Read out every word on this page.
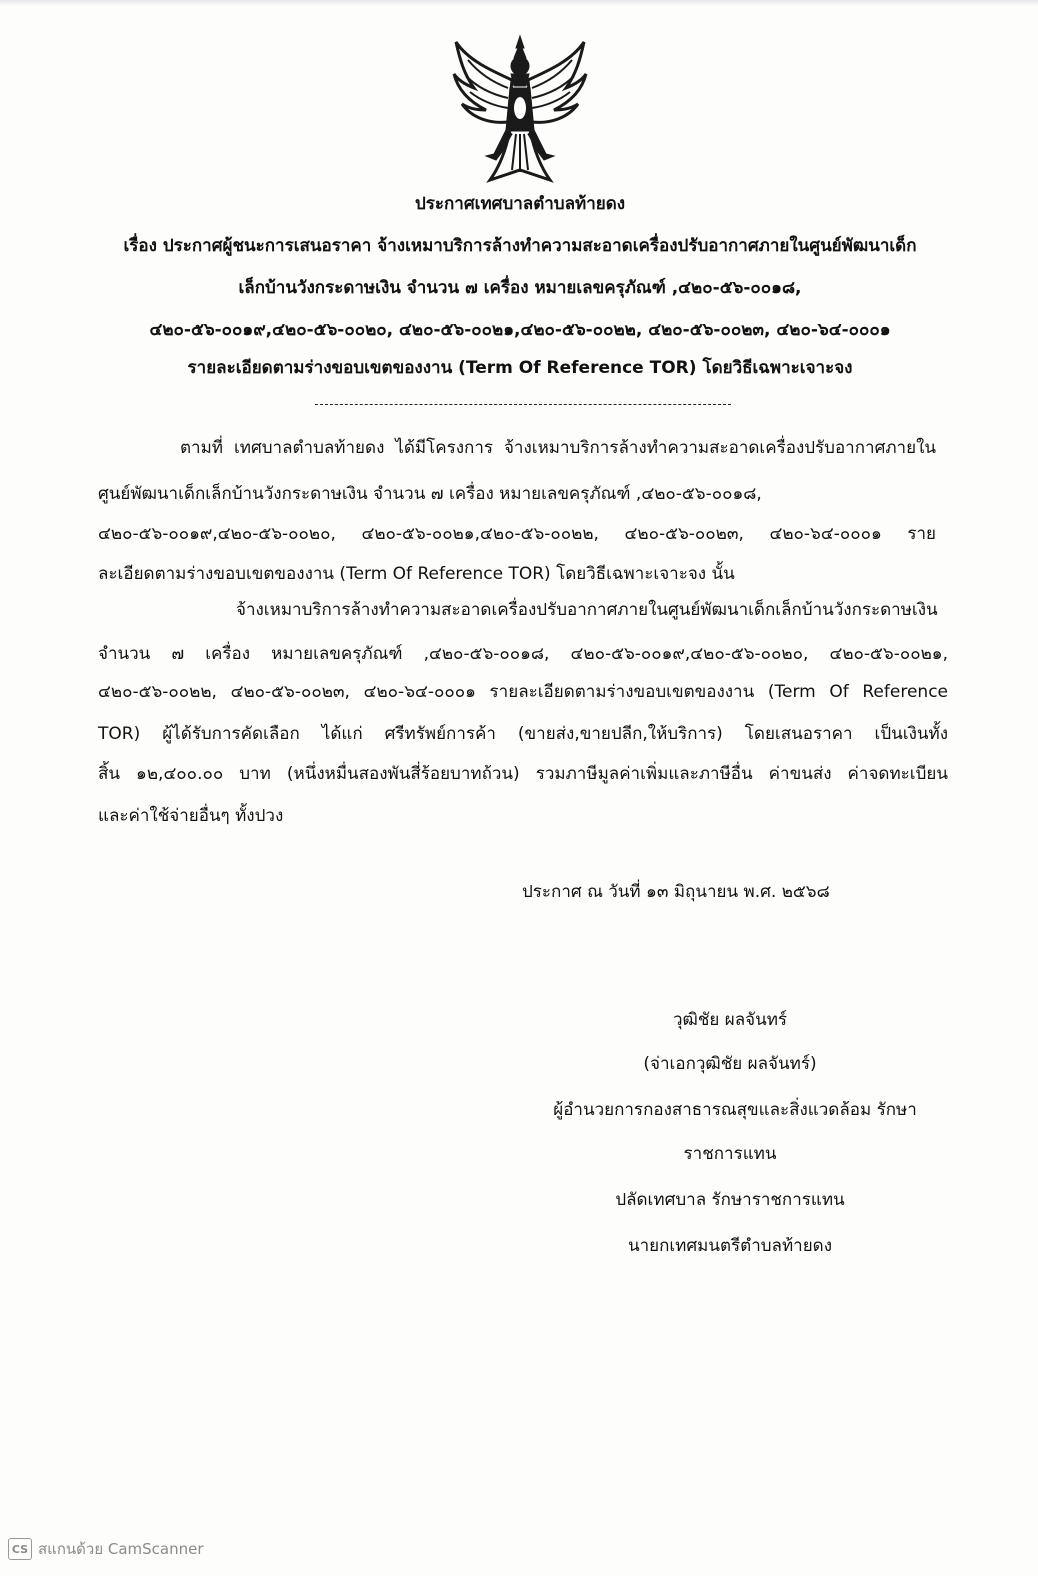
ประกาศเทศบาลตำบลท้ายดง
เรื่อง ประกาศผู้ชนะการเสนอราคา จ้างเหมาบริการล้างทำความสะอาดเครื่องปรับอากาศภายในศูนย์พัฒนาเด็ก
เล็กบ้านวังกระดาษเงิน จำนวน ๗ เครื่อง หมายเลขครุภัณฑ์ ,๔๒๐-๕๖-๐๐๑๘,
๔๒๐-๕๖-๐๐๑๙,๔๒๐-๕๖-๐๐๒๐, ๔๒๐-๕๖-๐๐๒๑,๔๒๐-๕๖-๐๐๒๒, ๔๒๐-๕๖-๐๐๒๓, ๔๒๐-๖๔-๐๐๐๑
รายละเอียดตามร่างขอบเขตของงาน (Term Of Reference TOR) โดยวิธีเฉพาะเจาะจง
ตามที่ เทศบาลตำบลท้ายดง ได้มีโครงการ จ้างเหมาบริการล้างทำความสะอาดเครื่องปรับอากาศภายใน
ศูนย์พัฒนาเด็กเล็กบ้านวังกระดาษเงิน จำนวน ๗ เครื่อง หมายเลขครุภัณฑ์ ,๔๒๐-๕๖-๐๐๑๘,
๔๒๐-๕๖-๐๐๑๙,๔๒๐-๕๖-๐๐๒๐, ๔๒๐-๕๖-๐๐๒๑,๔๒๐-๕๖-๐๐๒๒, ๔๒๐-๕๖-๐๐๒๓, ๔๒๐-๖๔-๐๐๐๑ ราย
ละเอียดตามร่างขอบเขตของงาน (Term Of Reference TOR) โดยวิธีเฉพาะเจาะจง นั้น
จ้างเหมาบริการล้างทำความสะอาดเครื่องปรับอากาศภายในศูนย์พัฒนาเด็กเล็กบ้านวังกระดาษเงิน
จำนวน ๗ เครื่อง หมายเลขครุภัณฑ์ ,๔๒๐-๕๖-๐๐๑๘, ๔๒๐-๕๖-๐๐๑๙,๔๒๐-๕๖-๐๐๒๐, ๔๒๐-๕๖-๐๐๒๑,
๔๒๐-๕๖-๐๐๒๒, ๔๒๐-๕๖-๐๐๒๓, ๔๒๐-๖๔-๐๐๐๑ รายละเอียดตามร่างขอบเขตของงาน (Term Of Reference
TOR) ผู้ได้รับการคัดเลือก ได้แก่ ศรีทรัพย์การค้า (ขายส่ง,ขายปลีก,ให้บริการ) โดยเสนอราคา เป็นเงินทั้ง
สิ้น ๑๒,๔๐๐.๐๐ บาท (หนึ่งหมื่นสองพันสี่ร้อยบาทถ้วน) รวมภาษีมูลค่าเพิ่มและภาษีอื่น ค่าขนส่ง ค่าจดทะเบียน
และค่าใช้จ่ายอื่นๆ ทั้งปวง
ประกาศ ณ วันที่ ๑๓ มิถุนายน พ.ศ. ๒๕๖๘
วุฒิชัย ผลจันทร์
(จ่าเอกวุฒิชัย ผลจันทร์)
ผู้อำนวยการกองสาธารณสุขและสิ่งแวดล้อม รักษา
ราชการแทน
ปลัดเทศบาล รักษาราชการแทน
นายกเทศมนตรีตำบลท้ายดง
CS สแกนด้วย CamScanner
